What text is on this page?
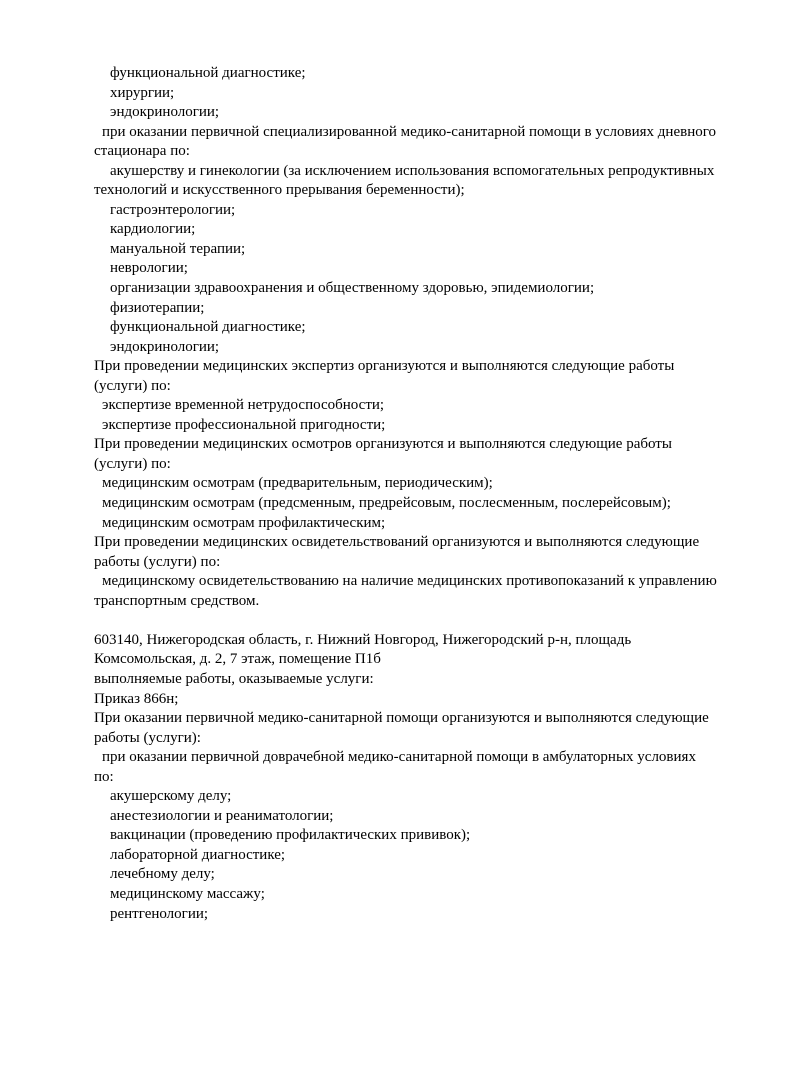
функциональной диагностике;
хирургии;
эндокринологии;
при оказании первичной специализированной медико-санитарной помощи в условиях дневного
стационара по:
акушерству и гинекологии (за исключением использования вспомогательных репродуктивных
технологий и искусственного прерывания беременности);
гастроэнтерологии;
кардиологии;
мануальной терапии;
неврологии;
организации здравоохранения и общественному здоровью, эпидемиологии;
физиотерапии;
функциональной диагностике;
эндокринологии;
При проведении медицинских экспертиз организуются и выполняются следующие работы
(услуги) по:
экспертизе временной нетрудоспособности;
экспертизе профессиональной пригодности;
При проведении медицинских осмотров организуются и выполняются следующие работы
(услуги) по:
медицинским осмотрам (предварительным, периодическим);
медицинским осмотрам (предсменным, предрейсовым, послесменным, послерейсовым);
медицинским осмотрам профилактическим;
При проведении медицинских освидетельствований организуются и выполняются следующие
работы (услуги) по:
медицинскому освидетельствованию на наличие медицинских противопоказаний к управлению
транспортным средством.
603140, Нижегородская область, г. Нижний Новгород, Нижегородский р-н, площадь
Комсомольская, д. 2, 7 этаж, помещение П1б
выполняемые работы, оказываемые услуги:
Приказ 866н;
При оказании первичной медико-санитарной помощи организуются и выполняются следующие
работы (услуги):
при оказании первичной доврачебной медико-санитарной помощи в амбулаторных условиях
по:
акушерскому делу;
анестезиологии и реаниматологии;
вакцинации (проведению профилактических прививок);
лабораторной диагностике;
лечебному делу;
медицинскому массажу;
рентгенологии;
